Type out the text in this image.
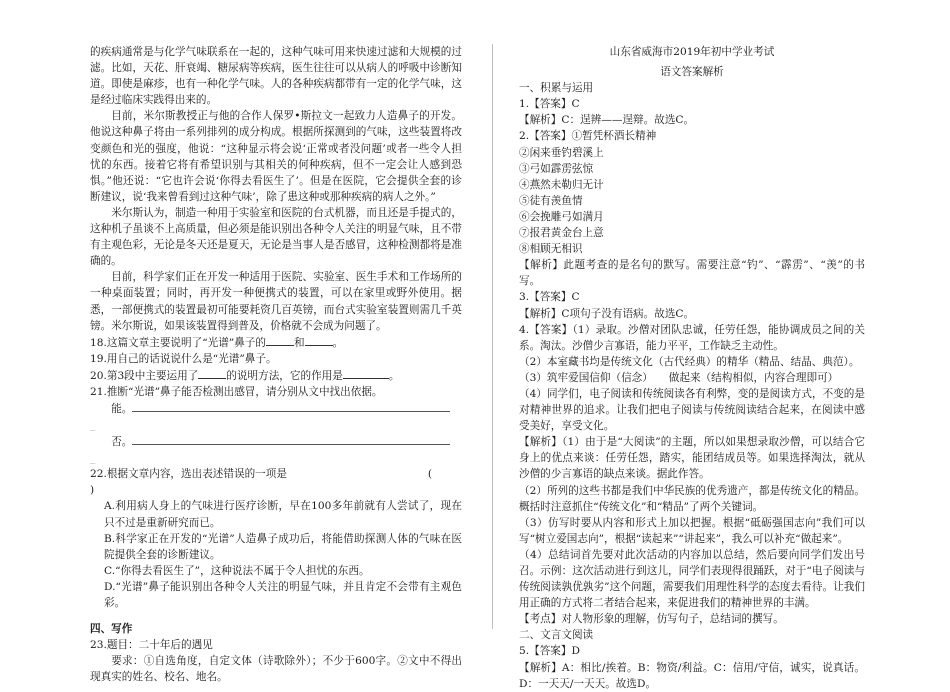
的疾病通常是与化学气味联系在一起的，这种气味可用来快速过滤和大规模的过滤。比如，天花、肝衰竭、糖尿病等疾病，医生往往可以从病人的呼吸中诊断知道。即使是麻疹，也有一种化学气味。人的各种疾病都带有一定的化学气味，这是经过临床实践得出来的。

目前，米尔斯教授正与他的合作人保罗•斯拉文一起致力人造鼻子的开发。他说这种鼻子将由一系列排列的成分构成。根据所探测到的气味，这些装置将改变颜色和光的强度，他说：“这种显示将会说‘正常或者没问题’或者一些令人担忧的东西。接着它将有希望识别与其相关的何种疾病，但不一定会让人感到恐惧。”他还说：“它也许会说‘你得去看医生了’。但是在医院，它会提供全套的诊断建议，说‘我来曾看到过这种气味’，除了患这种或那种疾病的病人之外。”

米尔斯认为，制造一种用于实验室和医院的台式机器，而且还是手提式的，这种机子虽谈不上高质量，但必须是能识别出各种令人关注的明显气味，且不带有主观色彩，无论是冬天还是夏天，无论是当事人是否感冒，这种检测都将是准确的。

目前，科学家们正在开发一种适用于医院、实验室、医生手术和工作场所的一种桌面装置；同时，再开发一种便携式的装置，可以在家里或野外使用。据悉，一部便携式的装置最初可能要耗资几百英镑，而台式实验室装置则需几千英镑。米尔斯说，如果该装置得到普及，价格就不会成为问题了。

18.这篇文章主要说明了“光谱”鼻子的	和	。

19.用自己的话说说什么是“光谱”鼻子。

20.第3段中主要运用了	的说明方法，它的作用是	。

21.推断“光谱”鼻子能否检测出感冒，请分别从文中找出依据。

能。

_

否。

_

22.根据文章内容，选出表述错误的一项是	(

)

A.利用病人身上的气味进行医疗诊断，早在100多年前就有人尝试了，现在只不过是重新研究而已。

B.科学家正在开发的“光谱”人造鼻子成功后，将能借助探测人体的气味在医院提供全套的诊断建议。

C.“你得去看医生了”，这种说法不属于令人担忧的东西。

D.“光谱”鼻子能识别出各种令人关注的明显气味，并且肯定不会带有主观色彩。

四、写作

23.题目：二十年后的遇见

要求：①自选角度，自定文体（诗歌除外）；不少于600字。②文中不得出现真实的姓名、校名、地名。

山东省威海市2019年初中学业考试

语文答案解析

一、积累与运用

1.【答案】C

【解析】C：逞辨——逞辩。故选C。

2.【答案】①暂凭杯酒长精神

②闲来垂钓碧溪上

③弓如霹雳弦惊

④燕然未勒归无计

⑤徒有羡鱼情

⑥会挽雕弓如满月

⑦报君黄金台上意

⑧相顾无相识

【解析】此题考查的是名句的默写。需要注意“钓”、“霹雳”、“羡”的书写。

3.【答案】C

【解析】C项句子没有语病。故选C。

4.【答案】（1）录取。沙僧对团队忠诚，任劳任怨，能协调成员之间的关系。淘汰。沙僧少言寡语，能力平平，工作缺乏主动性。

（2）本室藏书均是传统文化（古代经典）的精华（精品、结晶、典范）。

（3）筑牢爱国信仰（信念）　　做起来（结构相似，内容合理即可）

（4）同学们，电子阅读和传统阅读各有利弊，变的是阅读方式，不变的是对精神世界的追求。让我们把电子阅读与传统阅读结合起来，在阅读中感受美好，享受文化。

【解析】（1）由于是“大阅读”的主题，所以如果想录取沙僧，可以结合它身上的优点来谈：任劳任怨，踏实，能团结成员等。如果选择淘汰，就从沙僧的少言寡语的缺点来谈。据此作答。

（2）所列的这些书都是我们中华民族的优秀遗产，都是传统文化的精品。概括时注意抓住“传统文化”和“精品”了两个关键词。

（3）仿写时要从内容和形式上加以把握。根据“砥砺强国志向”我们可以写“树立爱国志向”，根据“读起来”“讲起来”，我么可以补充“做起来”。

（4）总结词首先要对此次活动的内容加以总结，然后要向同学们发出号召。示例：这次活动进行到这儿，同学们表现得很踊跃，对于“电子阅读与传统阅读孰优孰劣”这个问题，需要我们用理性科学的态度去看待。让我们用正确的方式将二者结合起来，来促进我们的精神世界的丰满。

【考点】对人物形象的理解，仿写句子，总结词的撰写。

二、文言文阅读

5.【答案】D

【解析】A：相比/挨着。B：物资/利益。C：信用/守信，诚实，说真话。D：一天天/一天天。故选D。
